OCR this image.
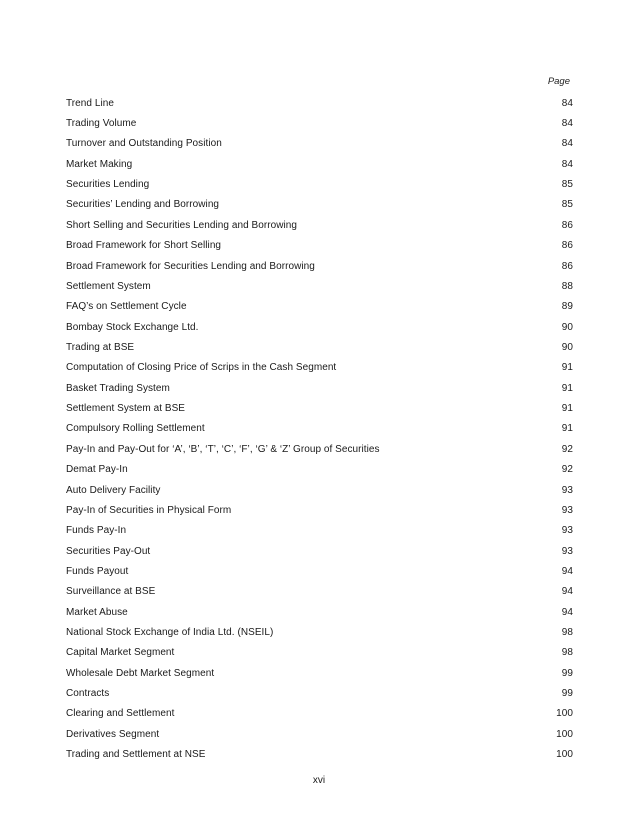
Page
Trend Line	84
Trading Volume	84
Turnover and Outstanding Position	84
Market Making	84
Securities Lending	85
Securities’ Lending and Borrowing	85
Short Selling and Securities Lending and Borrowing	86
Broad Framework for Short Selling	86
Broad Framework for Securities Lending and Borrowing	86
Settlement System	88
FAQ’s on Settlement Cycle	89
Bombay Stock Exchange Ltd.	90
Trading at BSE	90
Computation of Closing Price of Scrips in the Cash Segment	91
Basket Trading System	91
Settlement System at BSE	91
Compulsory Rolling Settlement	91
Pay-In and Pay-Out for ‘A’, ‘B’, ‘T’, ‘C’, ‘F’, ‘G’ & ‘Z’ Group of Securities	92
Demat Pay-In	92
Auto Delivery Facility	93
Pay-In of Securities in Physical Form	93
Funds Pay-In	93
Securities Pay-Out	93
Funds Payout	94
Surveillance at BSE	94
Market Abuse	94
National Stock Exchange of India Ltd. (NSEIL)	98
Capital Market Segment	98
Wholesale Debt Market Segment	99
Contracts	99
Clearing and Settlement	100
Derivatives Segment	100
Trading and Settlement at NSE	100
xvi
